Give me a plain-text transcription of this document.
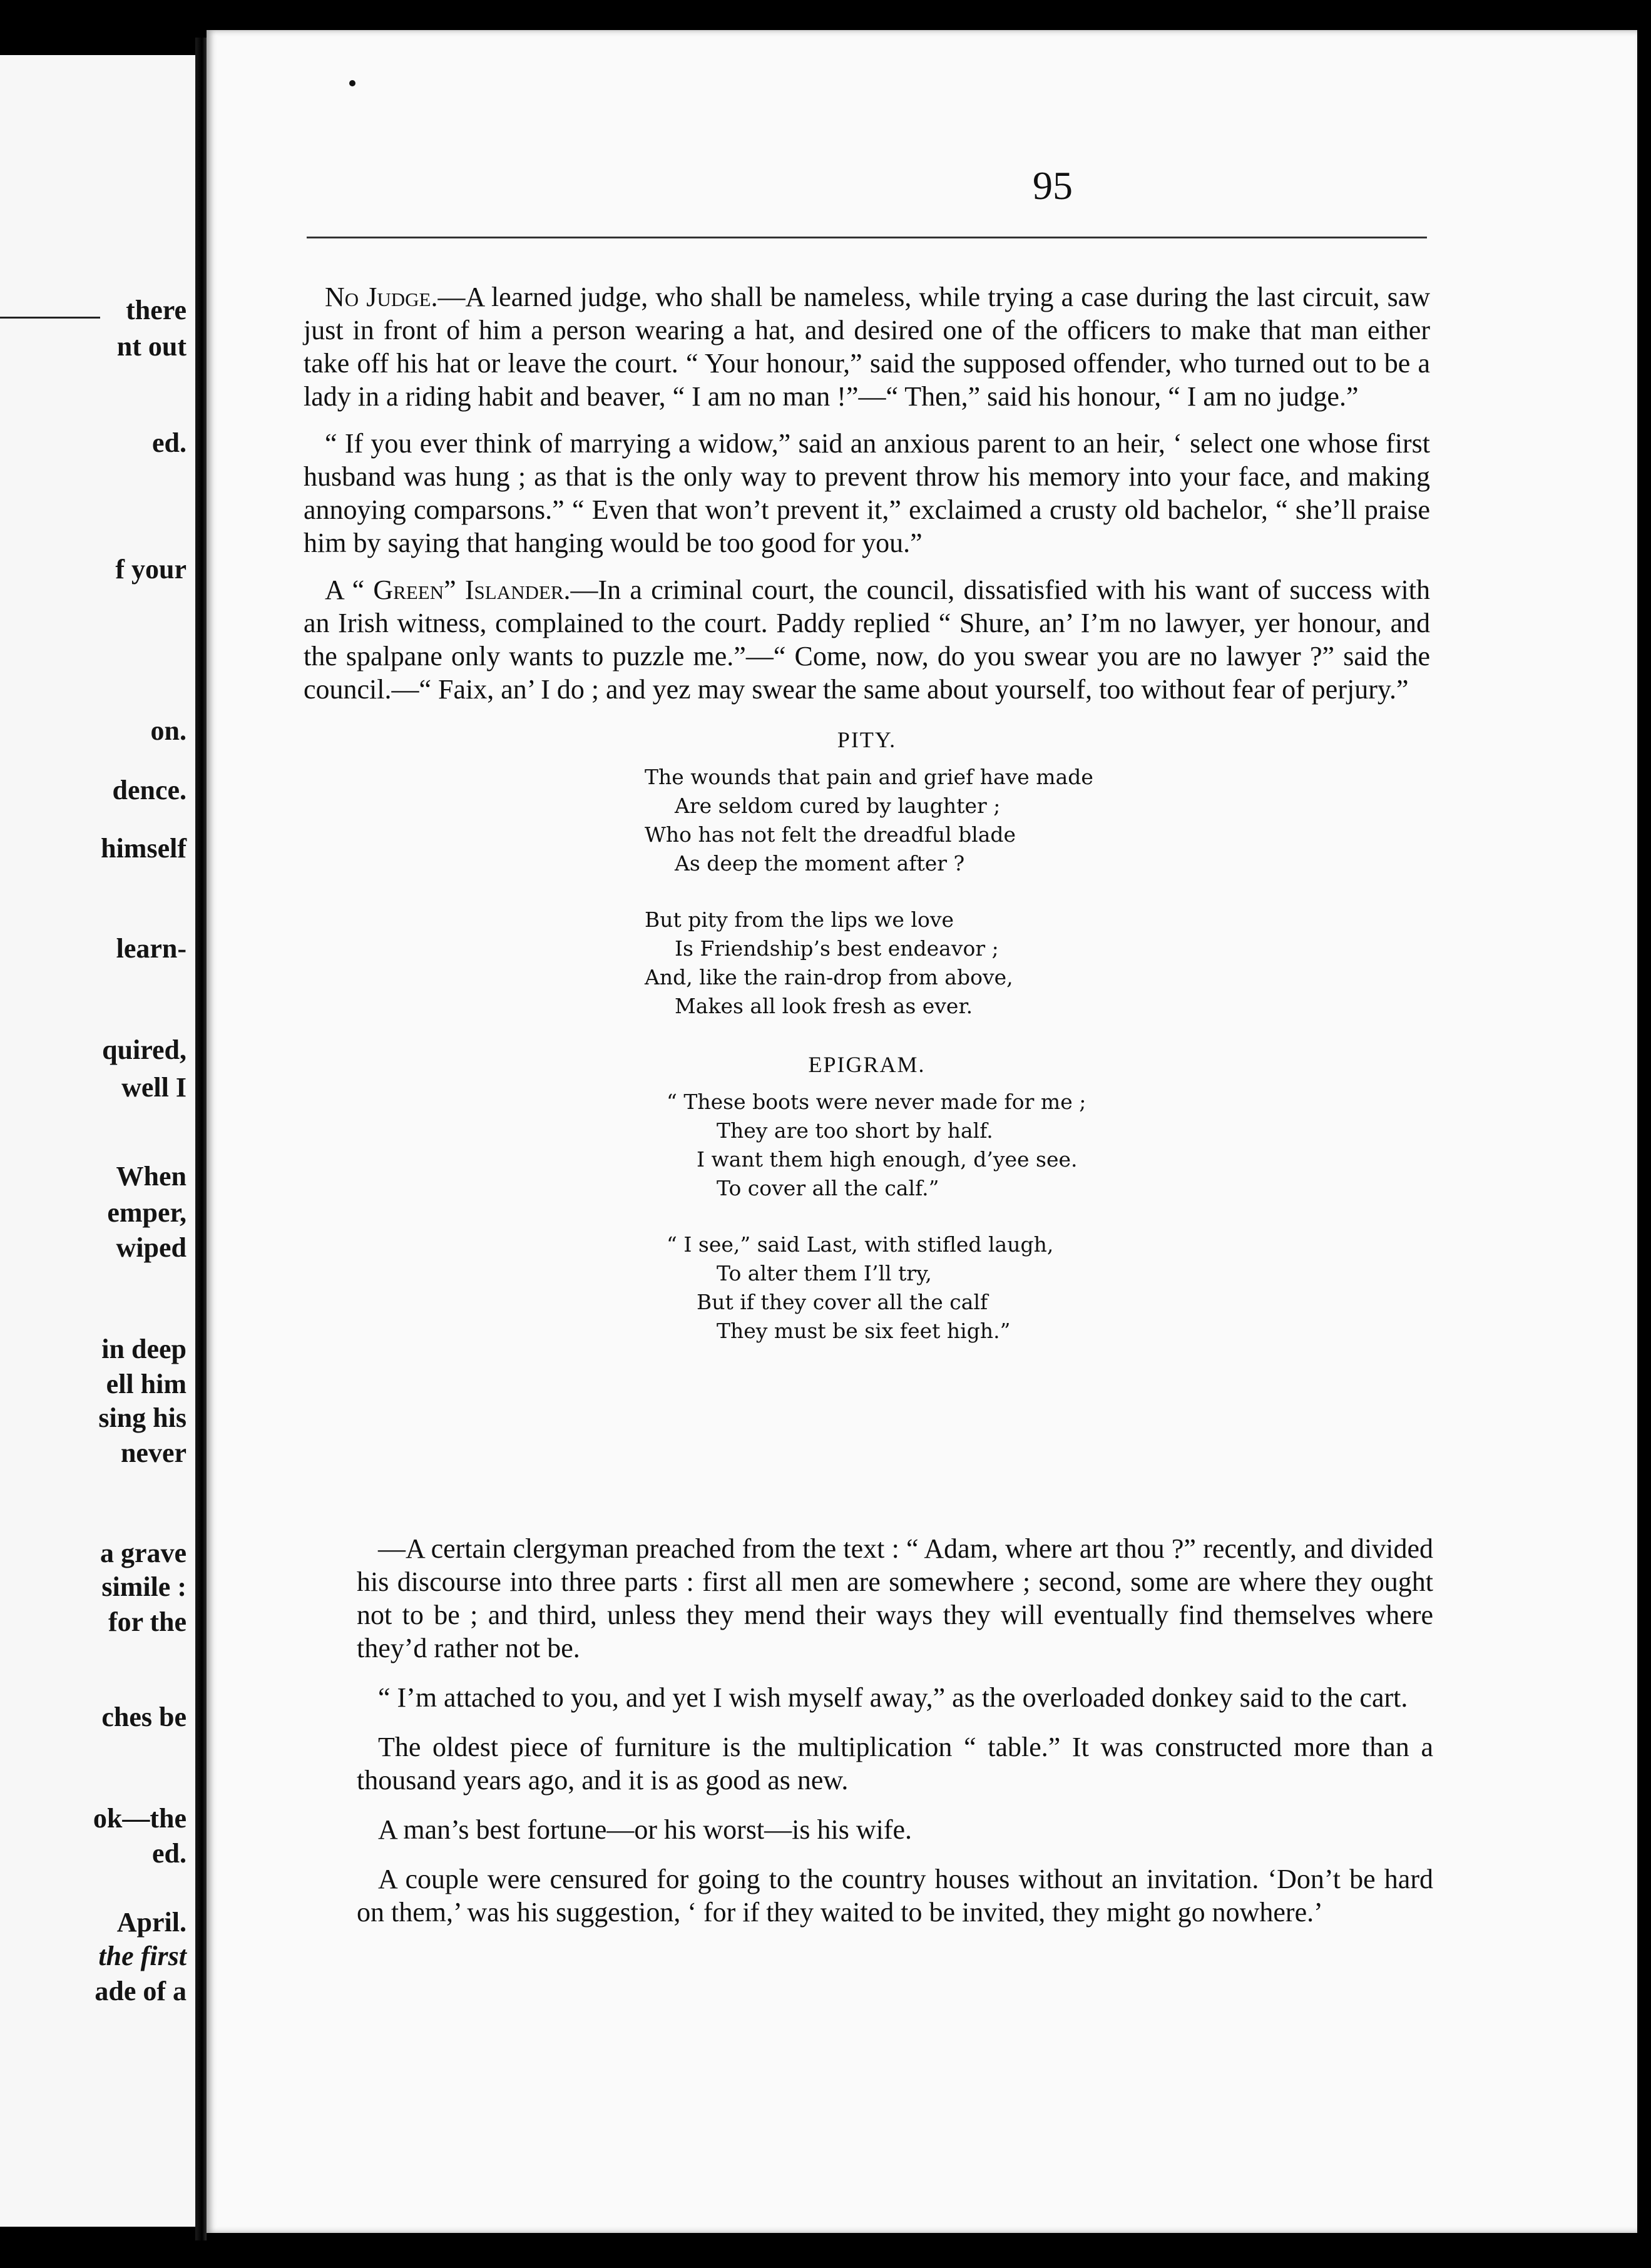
there
nt out
ed.
f your
on.
dence.
himself
learn-
quired,
well I
When
emper,
wiped
in deep
ell him
sing his
never
a grave
simile :
for the
ches be
ok—the
ed.
April.
the first
ade of a
95

No Judge.—A learned judge, who shall be nameless, while trying a case during the last circuit, saw just in front of him a person wearing a hat, and desired one of the officers to make that man either take off his hat or leave the court. “ Your honour,” said the supposed offender, who turned out to be a lady in a riding habit and beaver, “ I am no man !”—“ Then,” said his honour, “ I am no judge.”

“ If you ever think of marrying a widow,” said an anxious parent to an heir, ‘ select one whose first husband was hung ; as that is the only way to prevent throw his memory into your face, and making annoying comparsons.” “ Even that won’t prevent it,” exclaimed a crusty old bachelor, “ she’ll praise him by saying that hanging would be too good for you.”

A “ Green” Islander.—In a criminal court, the council, dissatisfied with his want of success with an Irish witness, complained to the court. Paddy replied “ Shure, an’ I’m no lawyer, yer honour, and the spalpane only wants to puzzle me.”—“ Come, now, do you swear you are no lawyer ?” said the council.—“ Faix, an’ I do ; and yez may swear the same about yourself, too without fear of perjury.”

PITY.
The wounds that pain and grief have made
Are seldom cured by laughter ;
Who has not felt the dreadful blade
As deep the moment after ?
But pity from the lips we love
Is Friendship’s best endeavor ;
And, like the rain-drop from above,
Makes all look fresh as ever.
EPIGRAM.
“ These boots were never made for me ;
They are too short by half.
I want them high enough, d’yee see.
To cover all the calf.”
“ I see,” said Last, with stifled laugh,
To alter them I’ll try,
But if they cover all the calf
They must be six feet high.”

—A certain clergyman preached from the text : “ Adam, where art thou ?” recently, and divided his discourse into three parts : first all men are somewhere ; second, some are where they ought not to be ; and third, unless they mend their ways they will eventually find themselves where they’d rather not be.

“ I’m attached to you, and yet I wish myself away,” as the overloaded donkey said to the cart.

The oldest piece of furniture is the multiplication “ table.” It was constructed more than a thousand years ago, and it is as good as new.

A man’s best fortune—or his worst—is his wife.

A couple were censured for going to the country houses without an invitation. ‘Don’t be hard on them,’ was his suggestion, ‘ for if they waited to be invited, they might go nowhere.’
